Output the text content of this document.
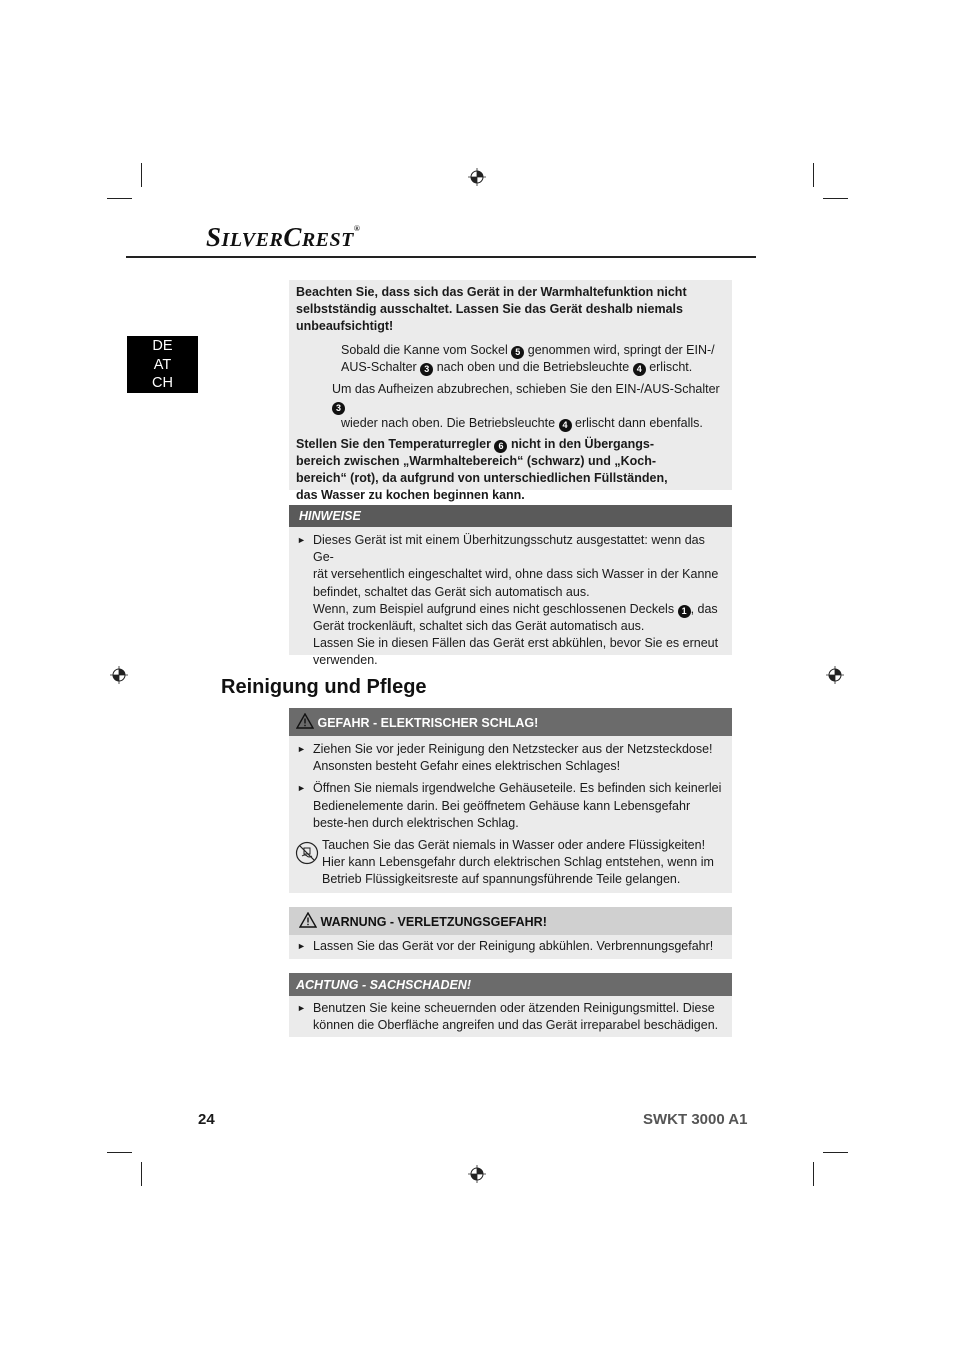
SILVERCREST®
DE
AT
CH

Beachten Sie, dass sich das Gerät in der Warmhaltefunktion nicht selbstständig ausschaltet. Lassen Sie das Gerät deshalb niemals unbeaufsichtigt!

Sobald die Kanne vom Sockel 5 genommen wird, springt der EIN-/
AUS-Schalter 3 nach oben und die Betriebsleuchte 4 erlischt.

Um das Aufheizen abzubrechen, schieben Sie den EIN-/AUS-Schalter 3
wieder nach oben. Die Betriebsleuchte 4 erlischt dann ebenfalls.

Stellen Sie den Temperaturregler 6 nicht in den Übergangs-
bereich zwischen „Warmhaltebereich“ (schwarz) und „Koch-
bereich“ (rot), da aufgrund von unterschiedlichen Füllständen,
das Wasser zu kochen beginnen kann.

HINWEISE
► Dieses Gerät ist mit einem Überhitzungsschutz ausgestattet: wenn das Ge-
rät versehentlich eingeschaltet wird, ohne dass sich Wasser in der Kanne
befindet, schaltet das Gerät sich automatisch aus.
Wenn, zum Beispiel aufgrund eines nicht geschlossenen Deckels 1 , das
Gerät trockenläuft, schaltet sich das Gerät automatisch aus.
Lassen Sie in diesen Fällen das Gerät erst abkühlen, bevor Sie es erneut
verwenden.
Reinigung und Pflege
GEFAHR - ELEKTRISCHER SCHLAG!
► Ziehen Sie vor jeder Reinigung den Netzstecker aus der Netzsteckdose! Ansonsten besteht Gefahr eines elektrischen Schlages!
► Öffnen Sie niemals irgendwelche Gehäuseteile. Es befinden sich keinerlei Bedienelemente darin. Bei geöffnetem Gehäuse kann Lebensgefahr beste-hen durch elektrischen Schlag.
Tauchen Sie das Gerät niemals in Wasser oder andere Flüssigkeiten! Hier kann Lebensgefahr durch elektrischen Schlag entstehen, wenn im Betrieb Flüssigkeitsreste auf spannungsführende Teile gelangen.
WARNUNG - VERLETZUNGSGEFAHR!
► Lassen Sie das Gerät vor der Reinigung abkühlen. Verbrennungsgefahr!
ACHTUNG - SACHSCHADEN!
► Benutzen Sie keine scheuernden oder ätzenden Reinigungsmittel. Diese können die Oberfläche angreifen und das Gerät irreparabel beschädigen.
24	SWKT 3000 A1
